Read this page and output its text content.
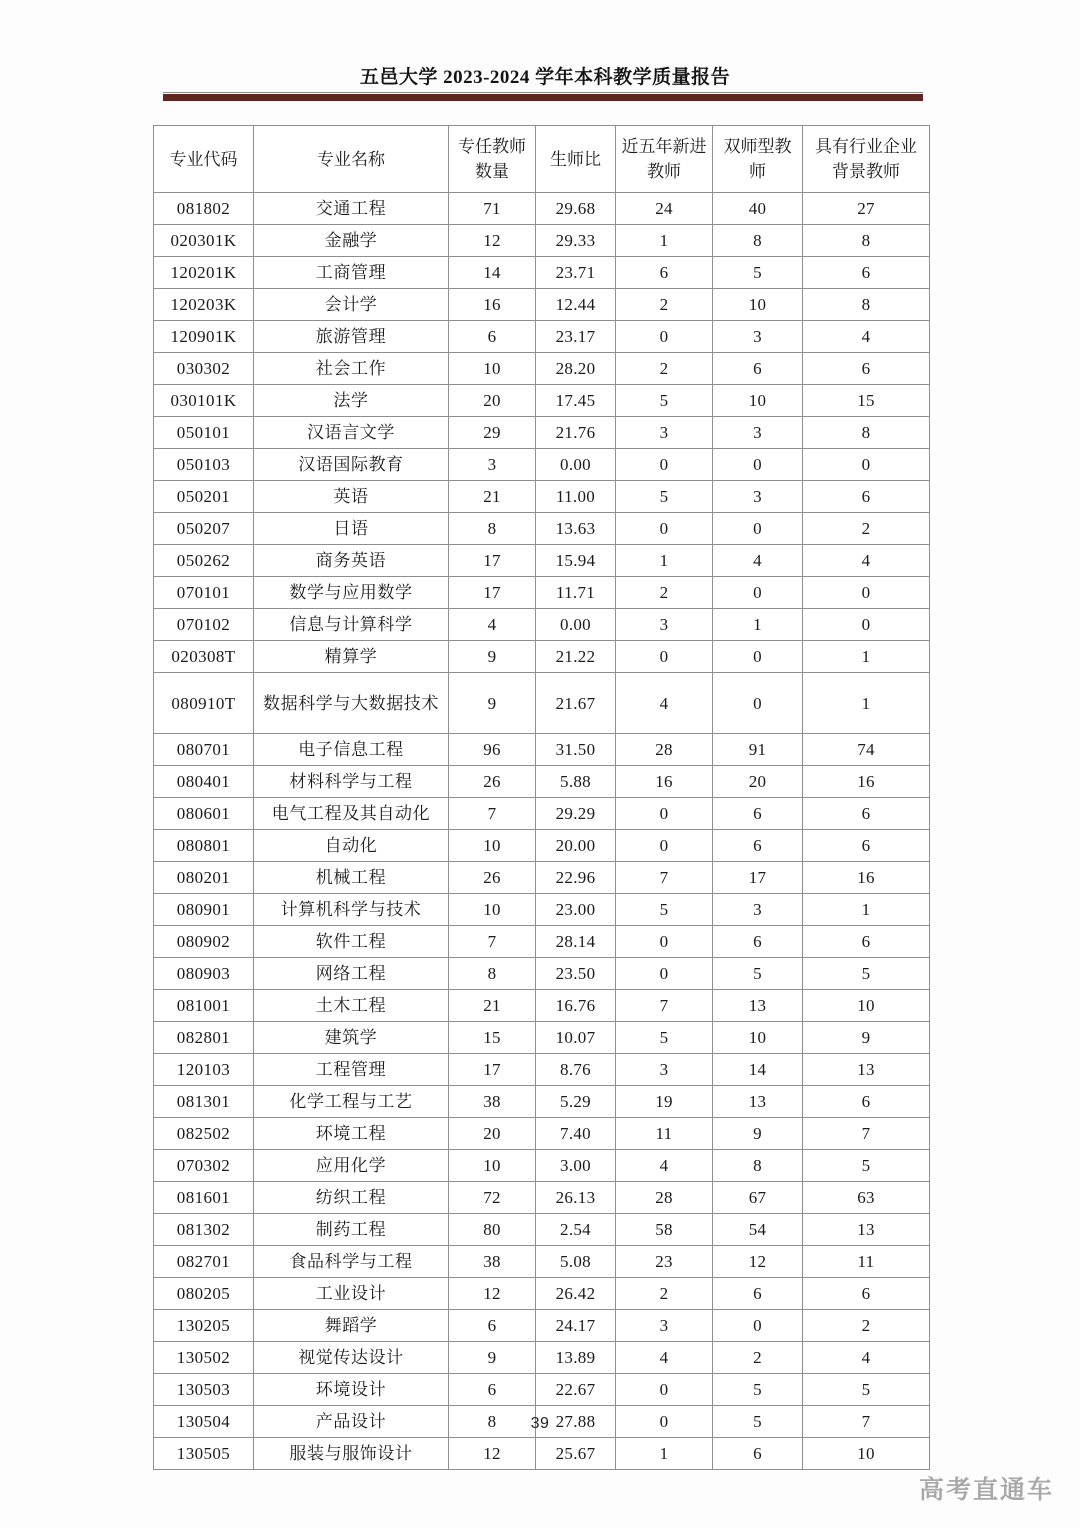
五邑大学 2023-2024 学年本科教学质量报告
专业代码	专业名称	专任教师数量	生师比	近五年新进教师	双师型教师	具有行业企业背景教师
081802	交通工程	71	29.68	24	40	27
020301K	金融学	12	29.33	1	8	8
120201K	工商管理	14	23.71	6	5	6
120203K	会计学	16	12.44	2	10	8
120901K	旅游管理	6	23.17	0	3	4
030302	社会工作	10	28.20	2	6	6
030101K	法学	20	17.45	5	10	15
050101	汉语言文学	29	21.76	3	3	8
050103	汉语国际教育	3	0.00	0	0	0
050201	英语	21	11.00	5	3	6
050207	日语	8	13.63	0	0	2
050262	商务英语	17	15.94	1	4	4
070101	数学与应用数学	17	11.71	2	0	0
070102	信息与计算科学	4	0.00	3	1	0
020308T	精算学	9	21.22	0	0	1
080910T	数据科学与大数据技术	9	21.67	4	0	1
080701	电子信息工程	96	31.50	28	91	74
080401	材料科学与工程	26	5.88	16	20	16
080601	电气工程及其自动化	7	29.29	0	6	6
080801	自动化	10	20.00	0	6	6
080201	机械工程	26	22.96	7	17	16
080901	计算机科学与技术	10	23.00	5	3	1
080902	软件工程	7	28.14	0	6	6
080903	网络工程	8	23.50	0	5	5
081001	土木工程	21	16.76	7	13	10
082801	建筑学	15	10.07	5	10	9
120103	工程管理	17	8.76	3	14	13
081301	化学工程与工艺	38	5.29	19	13	6
082502	环境工程	20	7.40	11	9	7
070302	应用化学	10	3.00	4	8	5
081601	纺织工程	72	26.13	28	67	63
081302	制药工程	80	2.54	58	54	13
082701	食品科学与工程	38	5.08	23	12	11
080205	工业设计	12	26.42	2	6	6
130205	舞蹈学	6	24.17	3	0	2
130502	视觉传达设计	9	13.89	4	2	4
130503	环境设计	6	22.67	0	5	5
130504	产品设计	8	27.88	0	5	7
130505	服装与服饰设计	12	25.67	1	6	10
39
高考直通车
